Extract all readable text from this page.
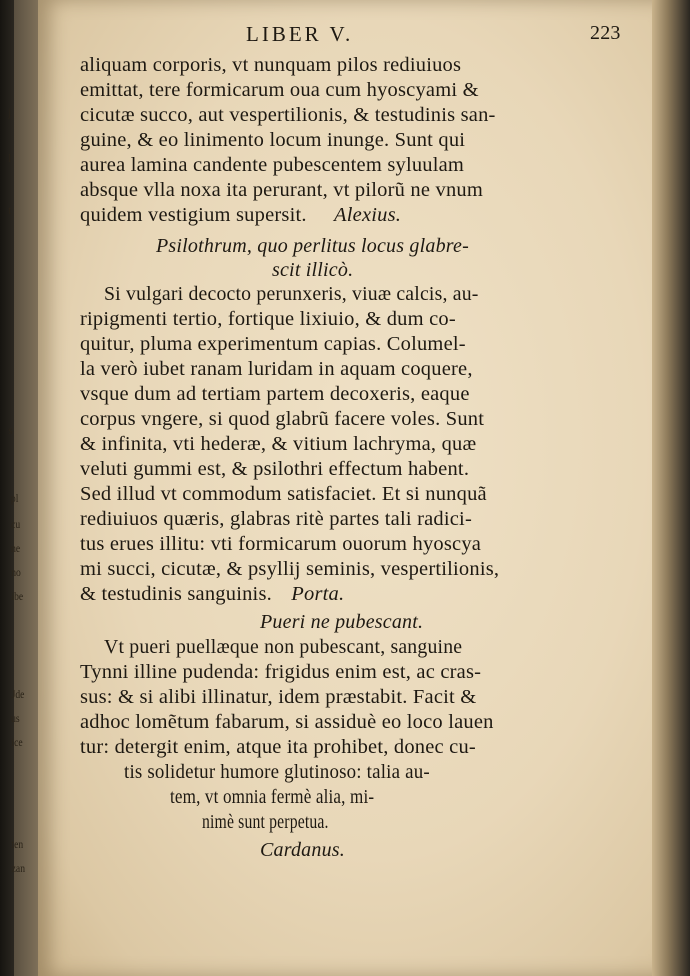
j
l
t
s
pl
cu
ne
no
ibe
Jde
us
ice
ten
zan
LIBER V.	223
aliquam corporis, vt nunquam pilos rediuiuos
emittat, tere formicarum oua cum hyoscyami &
cicutæ succo, aut vespertilionis, & testudinis san-
guine, & eo linimento locum inunge. Sunt qui
aurea lamina candente pubescentem syluulam
absque vlla noxa ita perurant, vt pilorũ ne vnum
quidem vestigium supersit. Alexius.
Psilothrum, quo perlitus locus glabre-
scit illicò.
Si vulgari decocto perunxeris, viuæ calcis, au-
ripigmenti tertio, fortique lixiuio, & dum co-
quitur, pluma experimentum capias. Columel-
la verò iubet ranam luridam in aquam coquere,
vsque dum ad tertiam partem decoxeris, eaque
corpus vngere, si quod glabrũ facere voles. Sunt
& infinita, vti hederæ, & vitium lachryma, quæ
veluti gummi est, & psilothri effectum habent.
Sed illud vt commodum satisfaciet. Et si nunquã
rediuiuos quæris, glabras ritè partes tali radici-
tus erues illitu: vti formicarum ouorum hyoscya
mi succi, cicutæ, & psyllij seminis, vespertilionis,
& testudinis sanguinis. Porta.
Pueri ne pubescant.
Vt pueri puellæque non pubescant, sanguine
Tynni illine pudenda: frigidus enim est, ac cras-
sus: & si alibi illinatur, idem præstabit. Facit &
adhoc lomẽtum fabarum, si assiduè eo loco lauen
tur: detergit enim, atque ita prohibet, donec cu-
tis solidetur humore glutinoso: talia au-
tem, vt omnia fermè alia, mi-
nimè sunt perpetua.
Cardanus.
